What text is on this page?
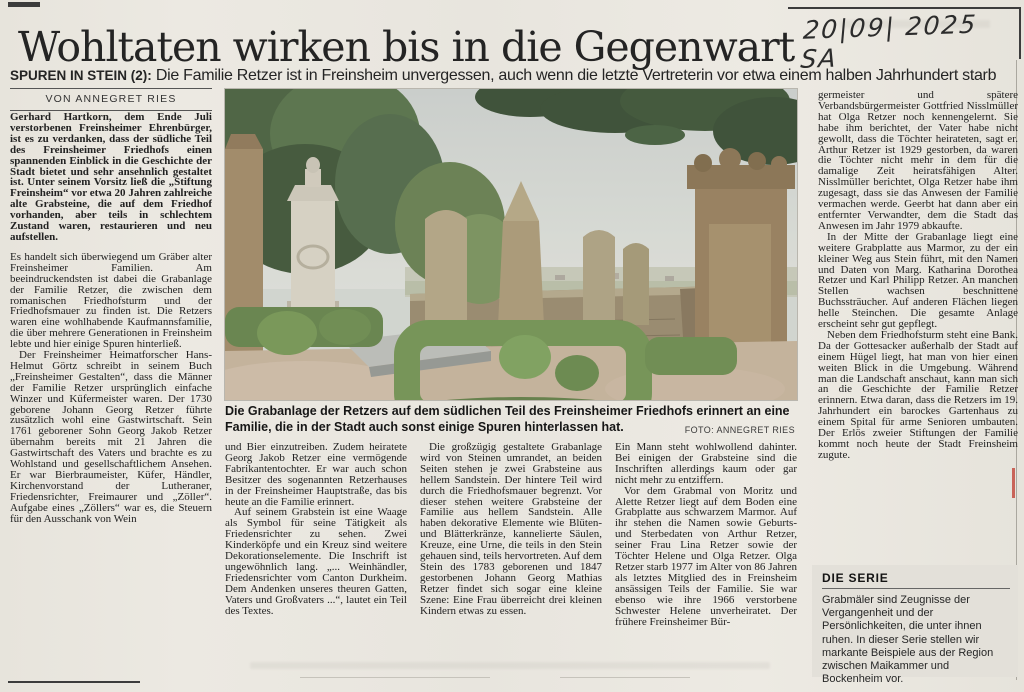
20|09| 2025 SA
Wohltaten wirken bis in die Gegenwart
SPUREN IN STEIN (2): Die Familie Retzer ist in Freinsheim unvergessen, auch wenn die letzte Vertreterin vor etwa einem halben Jahrhundert starb
VON ANNEGRET RIES

Gerhard Hartkorn, dem Ende Juli verstorbenen Freinsheimer Ehrenbürger, ist es zu verdanken, dass der südliche Teil des Freinsheimer Friedhofs einen spannenden Einblick in die Geschichte der Stadt bietet und sehr ansehnlich gestaltet ist. Unter seinem Vorsitz ließ die „Stiftung Freinsheim“ vor etwa 20 Jahren zahlreiche alte Grabsteine, die auf dem Friedhof vorhanden, aber teils in schlechtem Zustand waren, restaurieren und neu aufstellen.

Es handelt sich überwiegend um Gräber alter Freinsheimer Familien. Am beeindruckendsten ist dabei die Grabanlage der Familie Retzer, die zwischen dem romanischen Friedhofsturm und der Friedhofsmauer zu finden ist. Die Retzers waren eine wohlhabende Kaufmannsfamilie, die über mehrere Generationen in Freinsheim lebte und hier einige Spuren hinterließ.

Der Freinsheimer Heimatforscher Hans-Helmut Görtz schreibt in seinem Buch „Freinsheimer Gestalten“, dass die Männer der Familie Retzer ursprünglich einfache Winzer und Küfermeister waren. Der 1730 geborene Johann Georg Retzer führte zusätzlich wohl eine Gastwirtschaft. Sein 1761 geborener Sohn Georg Jakob Retzer übernahm bereits mit 21 Jahren die Gastwirtschaft des Vaters und brachte es zu Wohlstand und gesellschaftlichem Ansehen. Er war Bierbraumeister, Küfer, Händler, Kirchenvorstand der Lutheraner, Friedensrichter, Freimaurer und „Zöller“. Aufgabe eines „Zöllers“ war es, die Steuern für den Ausschank von Wein

Die Grabanlage der Retzers auf dem südlichen Teil des Freinsheimer Friedhofs erinnert an eine Familie, die in der Stadt auch sonst einige Spuren hinterlassen hat.	FOTO: ANNEGRET RIES

und Bier einzutreiben. Zudem heiratete Georg Jakob Retzer eine vermögende Fabrikantentochter. Er war auch schon Besitzer des sogenannten Retzerhauses in der Freinsheimer Hauptstraße, das bis heute an die Familie erinnert.

Auf seinem Grabstein ist eine Waage als Symbol für seine Tätigkeit als Friedensrichter zu sehen. Zwei Kinderköpfe und ein Kreuz sind weitere Dekorationselemente. Die Inschrift ist ungewöhnlich lang. „... Weinhändler, Friedensrichter vom Canton Durkheim. Dem Andenken unseres theuren Gatten, Vaters und Großvaters ...“, lautet ein Teil des Textes.

Die großzügig gestaltete Grabanlage wird von Steinen umrandet, an beiden Seiten stehen je zwei Grabsteine aus hellem Sandstein. Der hintere Teil wird durch die Friedhofsmauer begrenzt. Vor dieser stehen weitere Grabsteine der Familie aus hellem Sandstein. Alle haben dekorative Elemente wie Blüten- und Blätterkränze, kannelierte Säulen, Kreuze, eine Urne, die teils in den Stein gehauen sind, teils hervortreten. Auf dem Stein des 1783 geborenen und 1847 gestorbenen Johann Georg Mathias Retzer findet sich sogar eine kleine Szene: Eine Frau überreicht drei kleinen Kindern etwas zu essen.

Ein Mann steht wohlwollend dahinter. Bei einigen der Grabsteine sind die Inschriften allerdings kaum oder gar nicht mehr zu entziffern.

Vor dem Grabmal von Moritz und Alette Retzer liegt auf dem Boden eine Grabplatte aus schwarzem Marmor. Auf ihr stehen die Namen sowie Geburts- und Sterbedaten von Arthur Retzer, seiner Frau Lina Retzer sowie der Töchter Helene und Olga Retzer. Olga Retzer starb 1977 im Alter von 86 Jahren als letztes Mitglied des in Freinsheim ansässigen Teils der Familie. Sie war ebenso wie ihre 1966 verstorbene Schwester Helene unverheiratet. Der frühere Freinsheimer Bür-

germeister und spätere Verbandsbürgermeister Gottfried Nisslmüller hat Olga Retzer noch kennengelernt. Sie habe ihm berichtet, der Vater habe nicht gewollt, dass die Töchter heirateten, sagt er. Arthur Retzer ist 1929 gestorben, da waren die Töchter nicht mehr in dem für die damalige Zeit heiratsfähigen Alter. Nisslmüller berichtet, Olga Retzer habe ihm zugesagt, dass sie das Anwesen der Familie vermachen werde. Geerbt hat dann aber ein entfernter Verwandter, dem die Stadt das Anwesen im Jahr 1979 abkaufte.

In der Mitte der Grabanlage liegt eine weitere Grabplatte aus Marmor, zu der ein kleiner Weg aus Stein führt, mit den Namen und Daten von Marg. Katharina Dorothea Retzer und Karl Philipp Retzer. An manchen Stellen wachsen beschnittene Buchssträucher. Auf anderen Flächen liegen helle Steinchen. Die gesamte Anlage erscheint sehr gut gepflegt.

Neben dem Friedhofsturm steht eine Bank. Da der Gottesacker außerhalb der Stadt auf einem Hügel liegt, hat man von hier einen weiten Blick in die Umgebung. Während man die Landschaft anschaut, kann man sich an die Geschichte der Familie Retzer erinnern. Etwa daran, dass die Retzers im 19. Jahrhundert ein barockes Gartenhaus zu einem Spital für arme Senioren umbauten. Der Erlös zweier Stiftungen der Familie kommt noch heute der Stadt Freinsheim zugute.

DIE SERIE
Grabmäler sind Zeugnisse der Vergangenheit und der Persönlichkeiten, die unter ihnen ruhen. In dieser Serie stellen wir markante Beispiele aus der Region zwischen Maikammer und Bockenheim vor.
